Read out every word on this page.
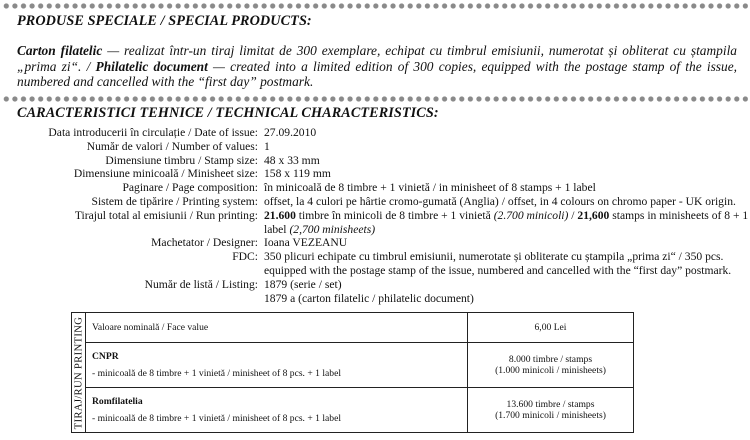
PRODUSE SPECIALE / SPECIAL PRODUCTS:
Carton filatelic — realizat într-un tiraj limitat de 300 exemplare, echipat cu timbrul emisiunii, numerotat și obliterat cu ștampila „prima zi“. / Philatelic document — created into a limited edition of 300 copies, equipped with the postage stamp of the issue, numbered and cancelled with the “first day” postmark.
CARACTERISTICI TEHNICE / TECHNICAL CHARACTERISTICS:
Data introducerii în circulație / Date of issue: 27.09.2010
Număr de valori / Number of values: 1
Dimensiune timbru / Stamp size: 48 x 33 mm
Dimensiune minicoală / Minisheet size: 158 x 119 mm
Paginare / Page composition: în minicoală de 8 timbre + 1 vinietă / in minisheet of 8 stamps + 1 label
Sistem de tipărire / Printing system: offset, la 4 culori pe hârtie cromo-gumată (Anglia) / offset, in 4 colours on chromo paper - UK origin.
Tirajul total al emisiunii / Run printing: 21.600 timbre în minicoli de 8 timbre + 1 vinietă (2.700 minicoli) / 21,600 stamps in minisheets of 8 + 1 label (2,700 minisheets)
Machetator / Designer: Ioana VEZEANU
FDC: 350 plicuri echipate cu timbrul emisiunii, numerotate și obliterate cu ștampila „prima zi“ / 350 pcs. equipped with the postage stamp of the issue, numbered and cancelled with the “first day” postmark.
Număr de listă / Listing: 1879 (serie / set)
1879 a (carton filatelic / philatelic document)
TIRAJ/RUN PRINTING	Valoare nominală / Face value	6,00 Lei

	CNPR
- minicoală de 8 timbre + 1 vinietă / minisheet of 8 pcs. + 1 label	8.000 timbre / stamps
(1.000 minicoli / minisheets)

	Romfilatelia
- minicoală de 8 timbre + 1 vinietă / minisheet of 8 pcs. + 1 label	13.600 timbre / stamps
(1.700 minicoli / minisheets)
